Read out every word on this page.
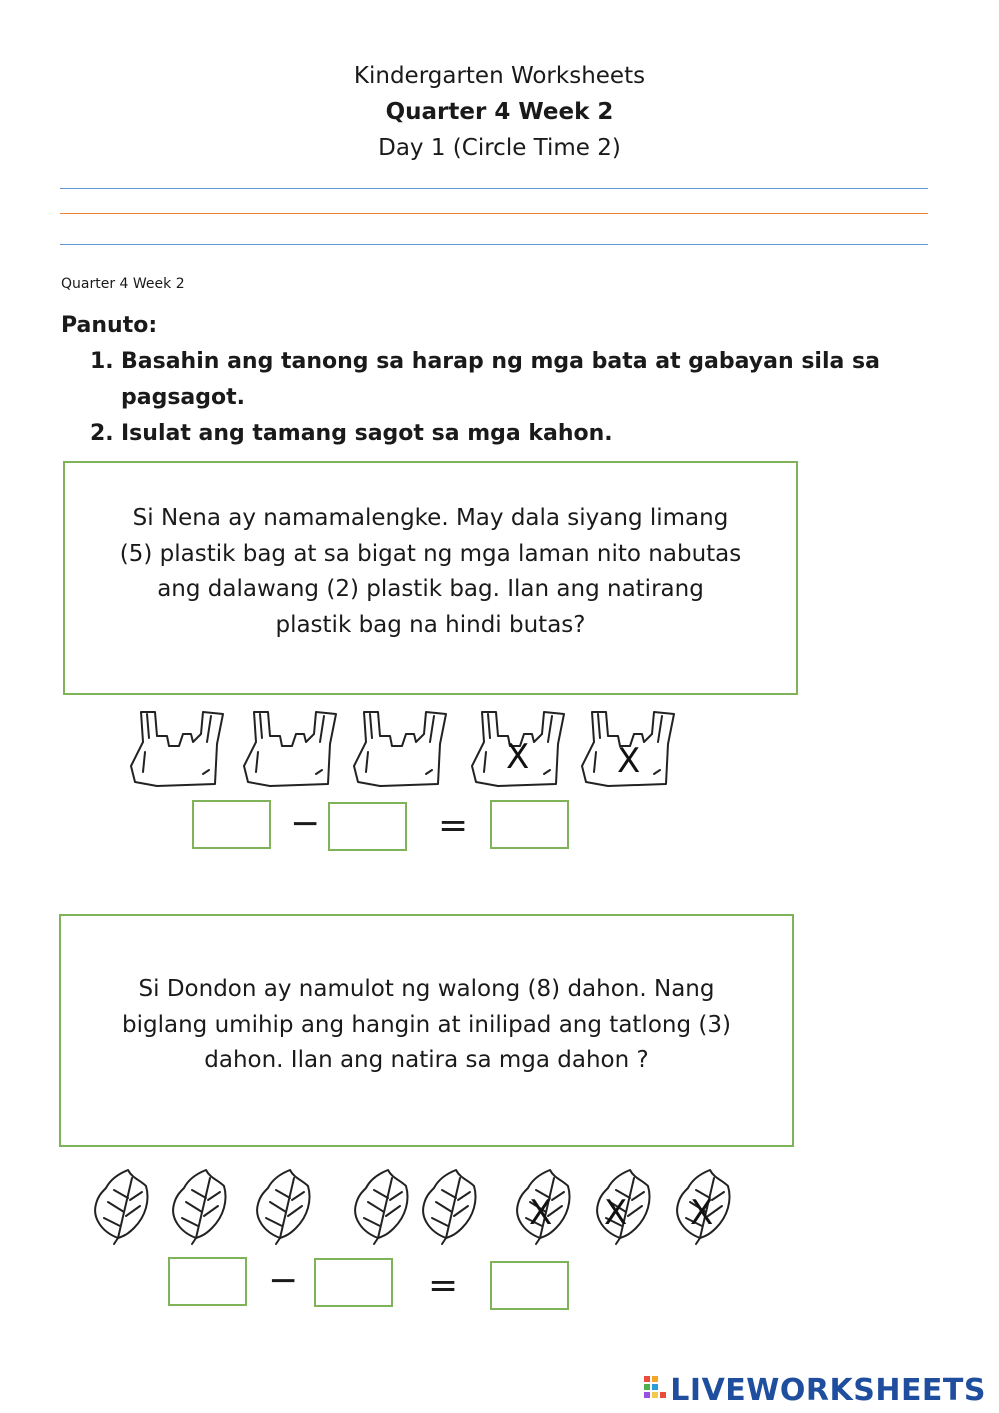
Kindergarten Worksheets
Quarter 4 Week 2
Day 1 (Circle Time 2)
Quarter 4 Week 2
Panuto:
1. Basahin ang tanong sa harap ng mga bata at gabayan sila sa
pagsagot.
2. Isulat ang tamang sagot sa mga kahon.
Si Nena ay namamalengke. May dala siyang limang
(5) plastik bag at sa bigat ng mga laman nito nabutas
ang dalawang (2) plastik bag. Ilan ang natirang
plastik bag na hindi butas?
X	X
−	=
Si Dondon ay namulot ng walong (8) dahon. Nang
biglang umihip ang hangin at inilipad ang tatlong (3)
dahon. Ilan ang natira sa mga dahon ?
X X X
−	=
LIVEWORKSHEETS
